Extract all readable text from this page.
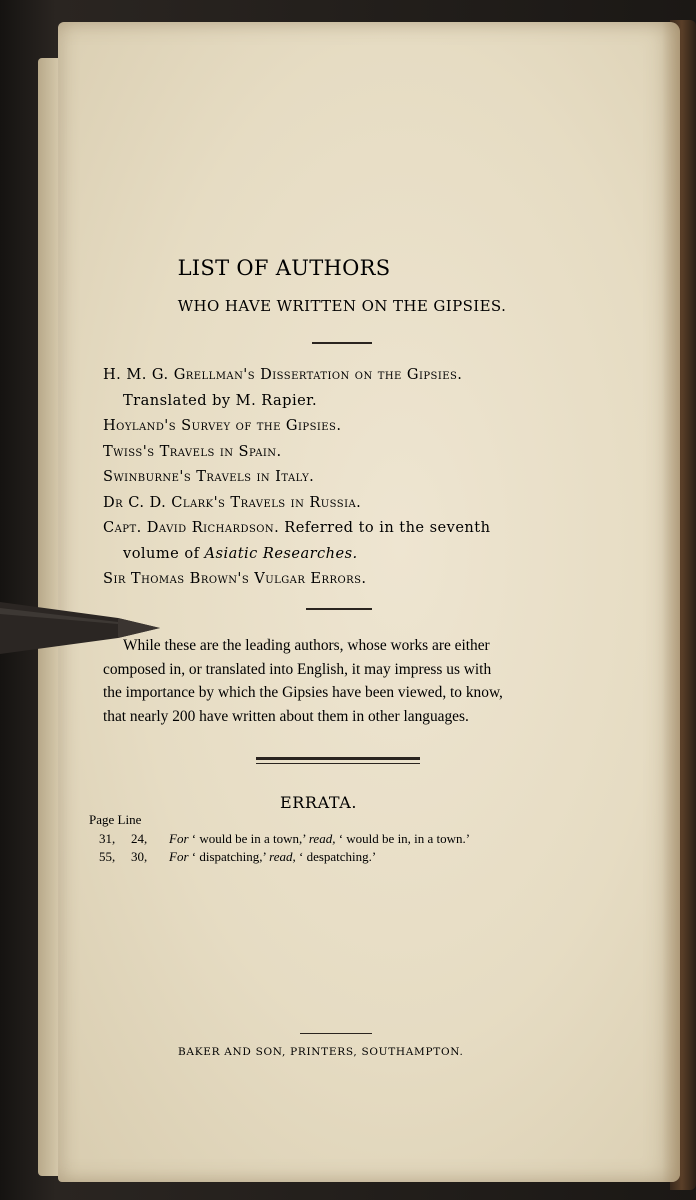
LIST OF AUTHORS
WHO HAVE WRITTEN ON THE GIPSIES.
H. M. G. Grellman's Dissertation on the Gipsies.
Translated by M. Rapier.
Hoyland's Survey of the Gipsies.
Twiss's Travels in Spain.
Swinburne's Travels in Italy.
Dr C. D. Clark's Travels in Russia.
Capt. David Richardson. Referred to in the seventh
volume of Asiatic Researches.
Sir Thomas Brown's Vulgar Errors.
While these are the leading authors, whose works are either
composed in, or translated into English, it may impress us with
the importance by which the Gipsies have been viewed, to know,
that nearly 200 have written about them in other languages.
ERRATA.
Page Line
31, 24, For ‘ would be in a town,’ read, ‘ would be in, in a town.’
55, 30, For ‘ dispatching,’ read, ‘ despatching.’
BAKER AND SON, PRINTERS, SOUTHAMPTON.
